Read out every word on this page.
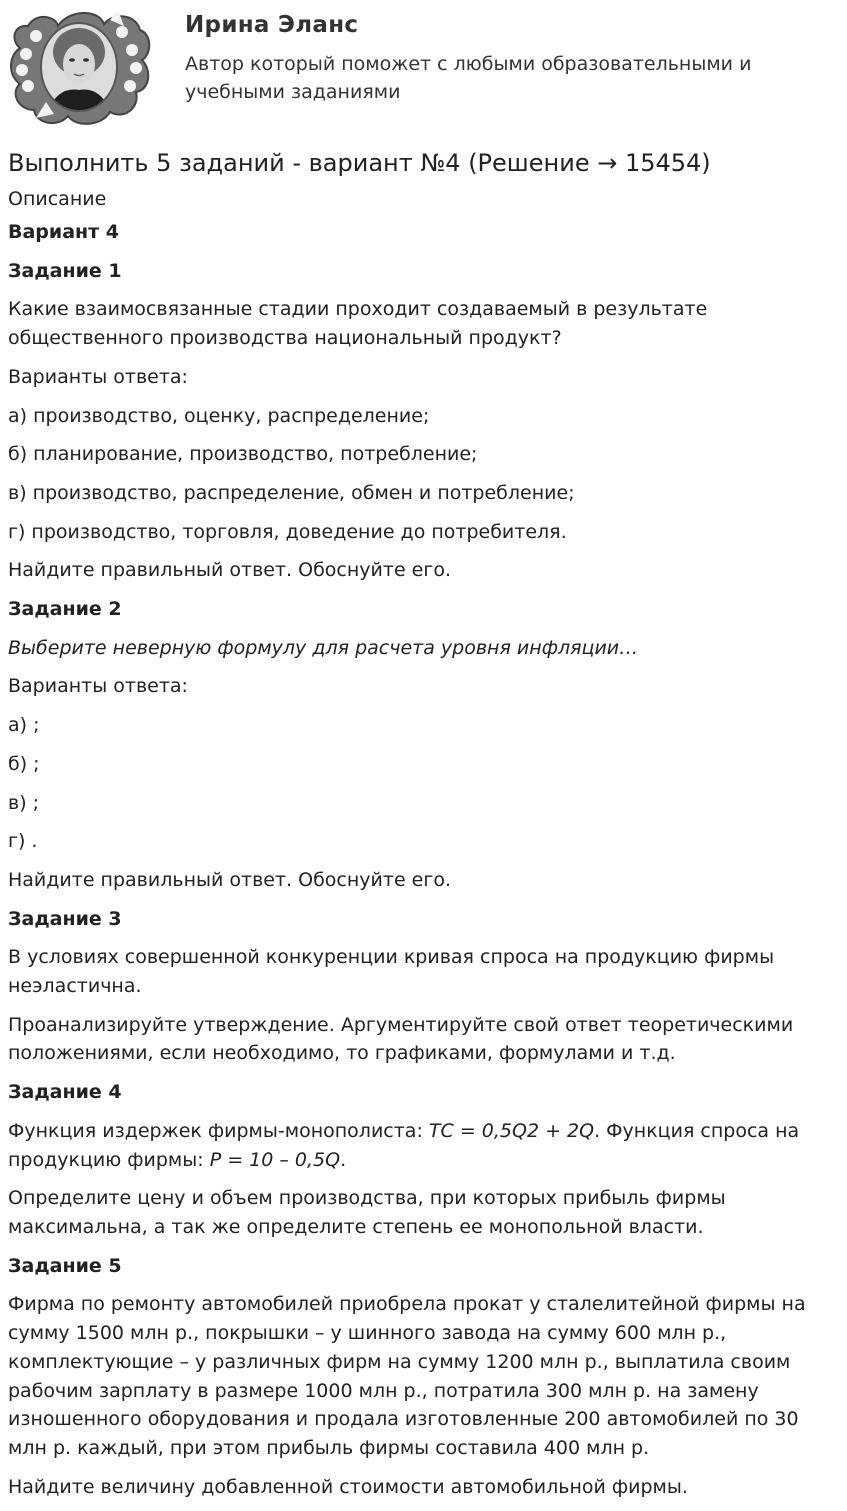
Ирина Эланс
Автор который поможет с любыми образовательными и учебными заданиями
Выполнить 5 заданий - вариант №4 (Решение → 15454)
Описание
Вариант 4
Задание 1
Какие взаимосвязанные стадии проходит создаваемый в результате общественного производства национальный продукт?
Варианты ответа:
а) производство, оценку, распределение;
б) планирование, производство, потребление;
в) производство, распределение, обмен и потребление;
г) производство, торговля, доведение до потребителя.
Найдите правильный ответ. Обоснуйте его.
Задание 2
Выберите неверную формулу для расчета уровня инфляции…
Варианты ответа:
а) ;
б) ;
в) ;
г) .
Найдите правильный ответ. Обоснуйте его.
Задание 3
В условиях совершенной конкуренции кривая спроса на продукцию фирмы неэластична.
Проанализируйте утверждение. Аргументируйте свой ответ теоретическими положениями, если необходимо, то графиками, формулами и т.д.
Задание 4
Функция издержек фирмы-монополиста: TC = 0,5Q2 + 2Q. Функция спроса на продукцию фирмы: P = 10 – 0,5Q.
Определите цену и объем производства, при которых прибыль фирмы максимальна, а так же определите степень ее монопольной власти.
Задание 5
Фирма по ремонту автомобилей приобрела прокат у сталелитейной фирмы на сумму 1500 млн р., покрышки – у шинного завода на сумму 600 млн р., комплектующие – у различных фирм на сумму 1200 млн р., выплатила своим рабочим зарплату в размере 1000 млн р., потратила 300 млн р. на замену изношенного оборудования и продала изготовленные 200 автомобилей по 30 млн р. каждый, при этом прибыль фирмы составила 400 млн р.
Найдите величину добавленной стоимости автомобильной фирмы.
